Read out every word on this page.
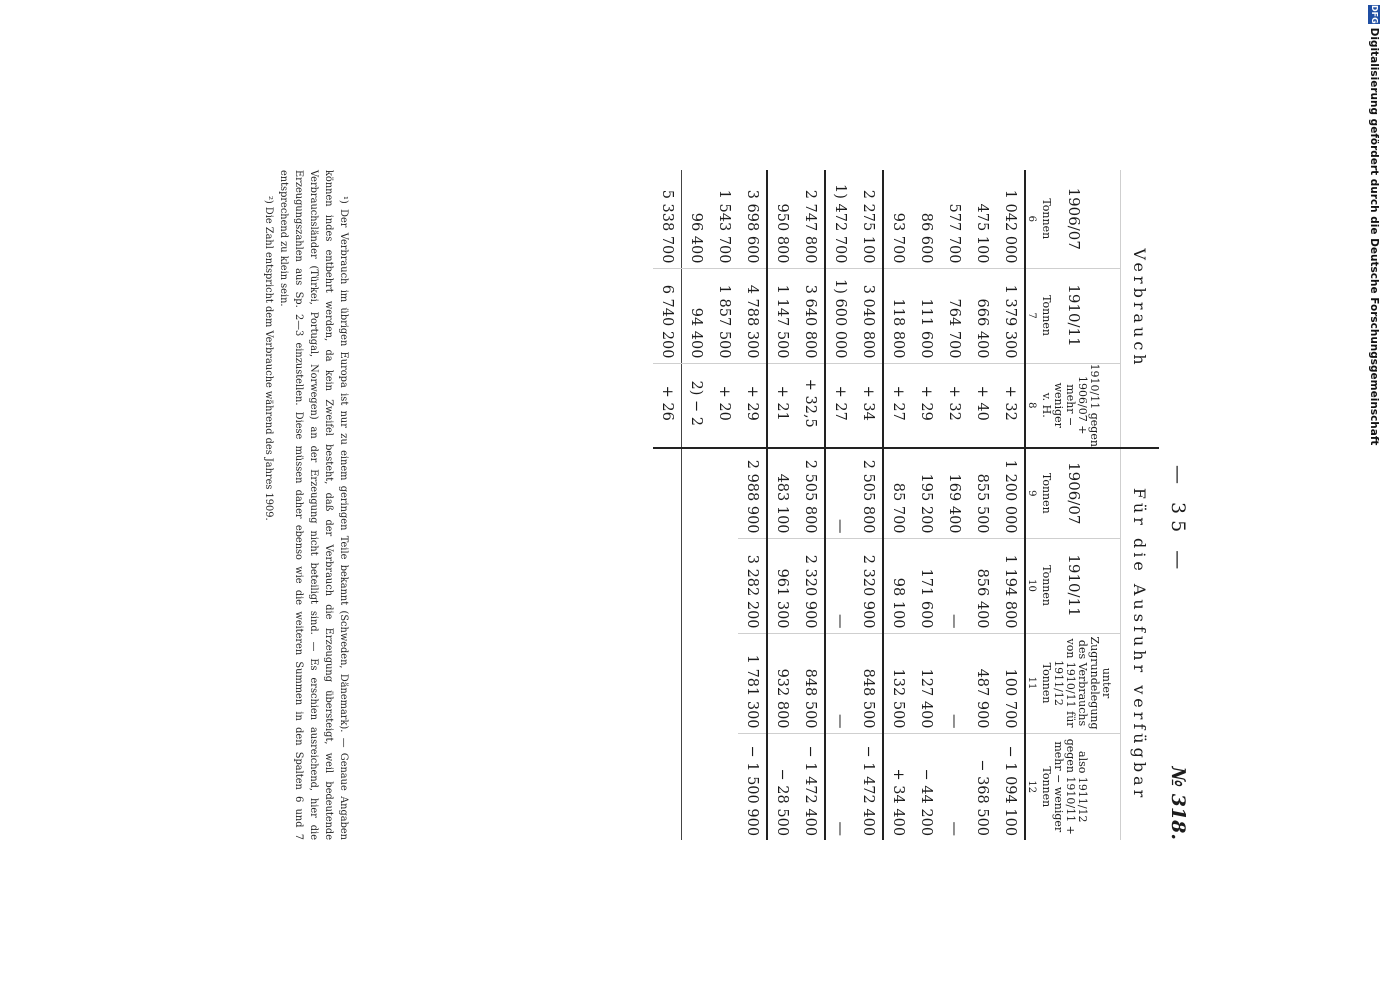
DFG
Digitalisierung gefördert durch die Deutsche Forschungsgemeinschaft
— 35 —
№ 318.
Verbrauch			Für die Ausfuhr verfügbar			

1906/07
Tonnen	1910/11
Tonnen	1910/11 gegen 1906/07 + mehr − weniger
v. H.	1906/07
Tonnen	1910/11
Tonnen	unter Zugrundelegung des Verbrauchs von 1910/11 für 1911/12
Tonnen	also 1911/12 gegen 1910/11 + mehr − weniger
Tonnen

6	7	8	9	10	11	12
1 042 000	1 379 300	+ 32	1 200 000	1 194 800	100 700	− 1 094 100
475 100	666 400	+ 40	855 500	856 400	487 900	− 368 500
577 700	764 700	+ 32	169 400	—	—	—
86 600	111 600	+ 29	195 200	171 600	127 400	− 44 200
93 700	118 800	+ 27	85 700	98 100	132 500	+ 34 400
2 275 100	3 040 800	+ 34	2 505 800	2 320 900	848 500	− 1 472 400
1) 472 700	1) 600 000	+ 27	—	—	—	—
2 747 800	3 640 800	+ 32,5	2 505 800	2 320 900	848 500	− 1 472 400
950 800	1 147 500	+ 21	483 100	961 300	932 800	− 28 500
3 698 600	4 788 300	+ 29	2 988 900	3 282 200	1 781 300	− 1 500 900
1 543 700	1 857 500	+ 20				
96 400	94 400	2) − 2				
5 338 700	6 740 200	+ 26				

¹) Der Verbrauch im übrigen Europa ist nur zu einem geringen Teile bekannt (Schweden, Dänemark). — Genaue Angaben können indes entbehrt werden, da kein Zweifel besteht, daß der Verbrauch die Erzeugung übersteigt, weil bedeutende Verbrauchsländer (Türkei, Portugal, Norwegen) an der Erzeugung nicht beteiligt sind. — Es erschien ausreichend, hier die Erzeugungszahlen aus Sp. 2—3 einzustellen. Diese müssen daher ebenso wie die weiteren Summen in den Spalten 6 und 7 entsprechend zu klein sein.

²) Die Zahl entspricht dem Verbrauche während des Jahres 1909.
